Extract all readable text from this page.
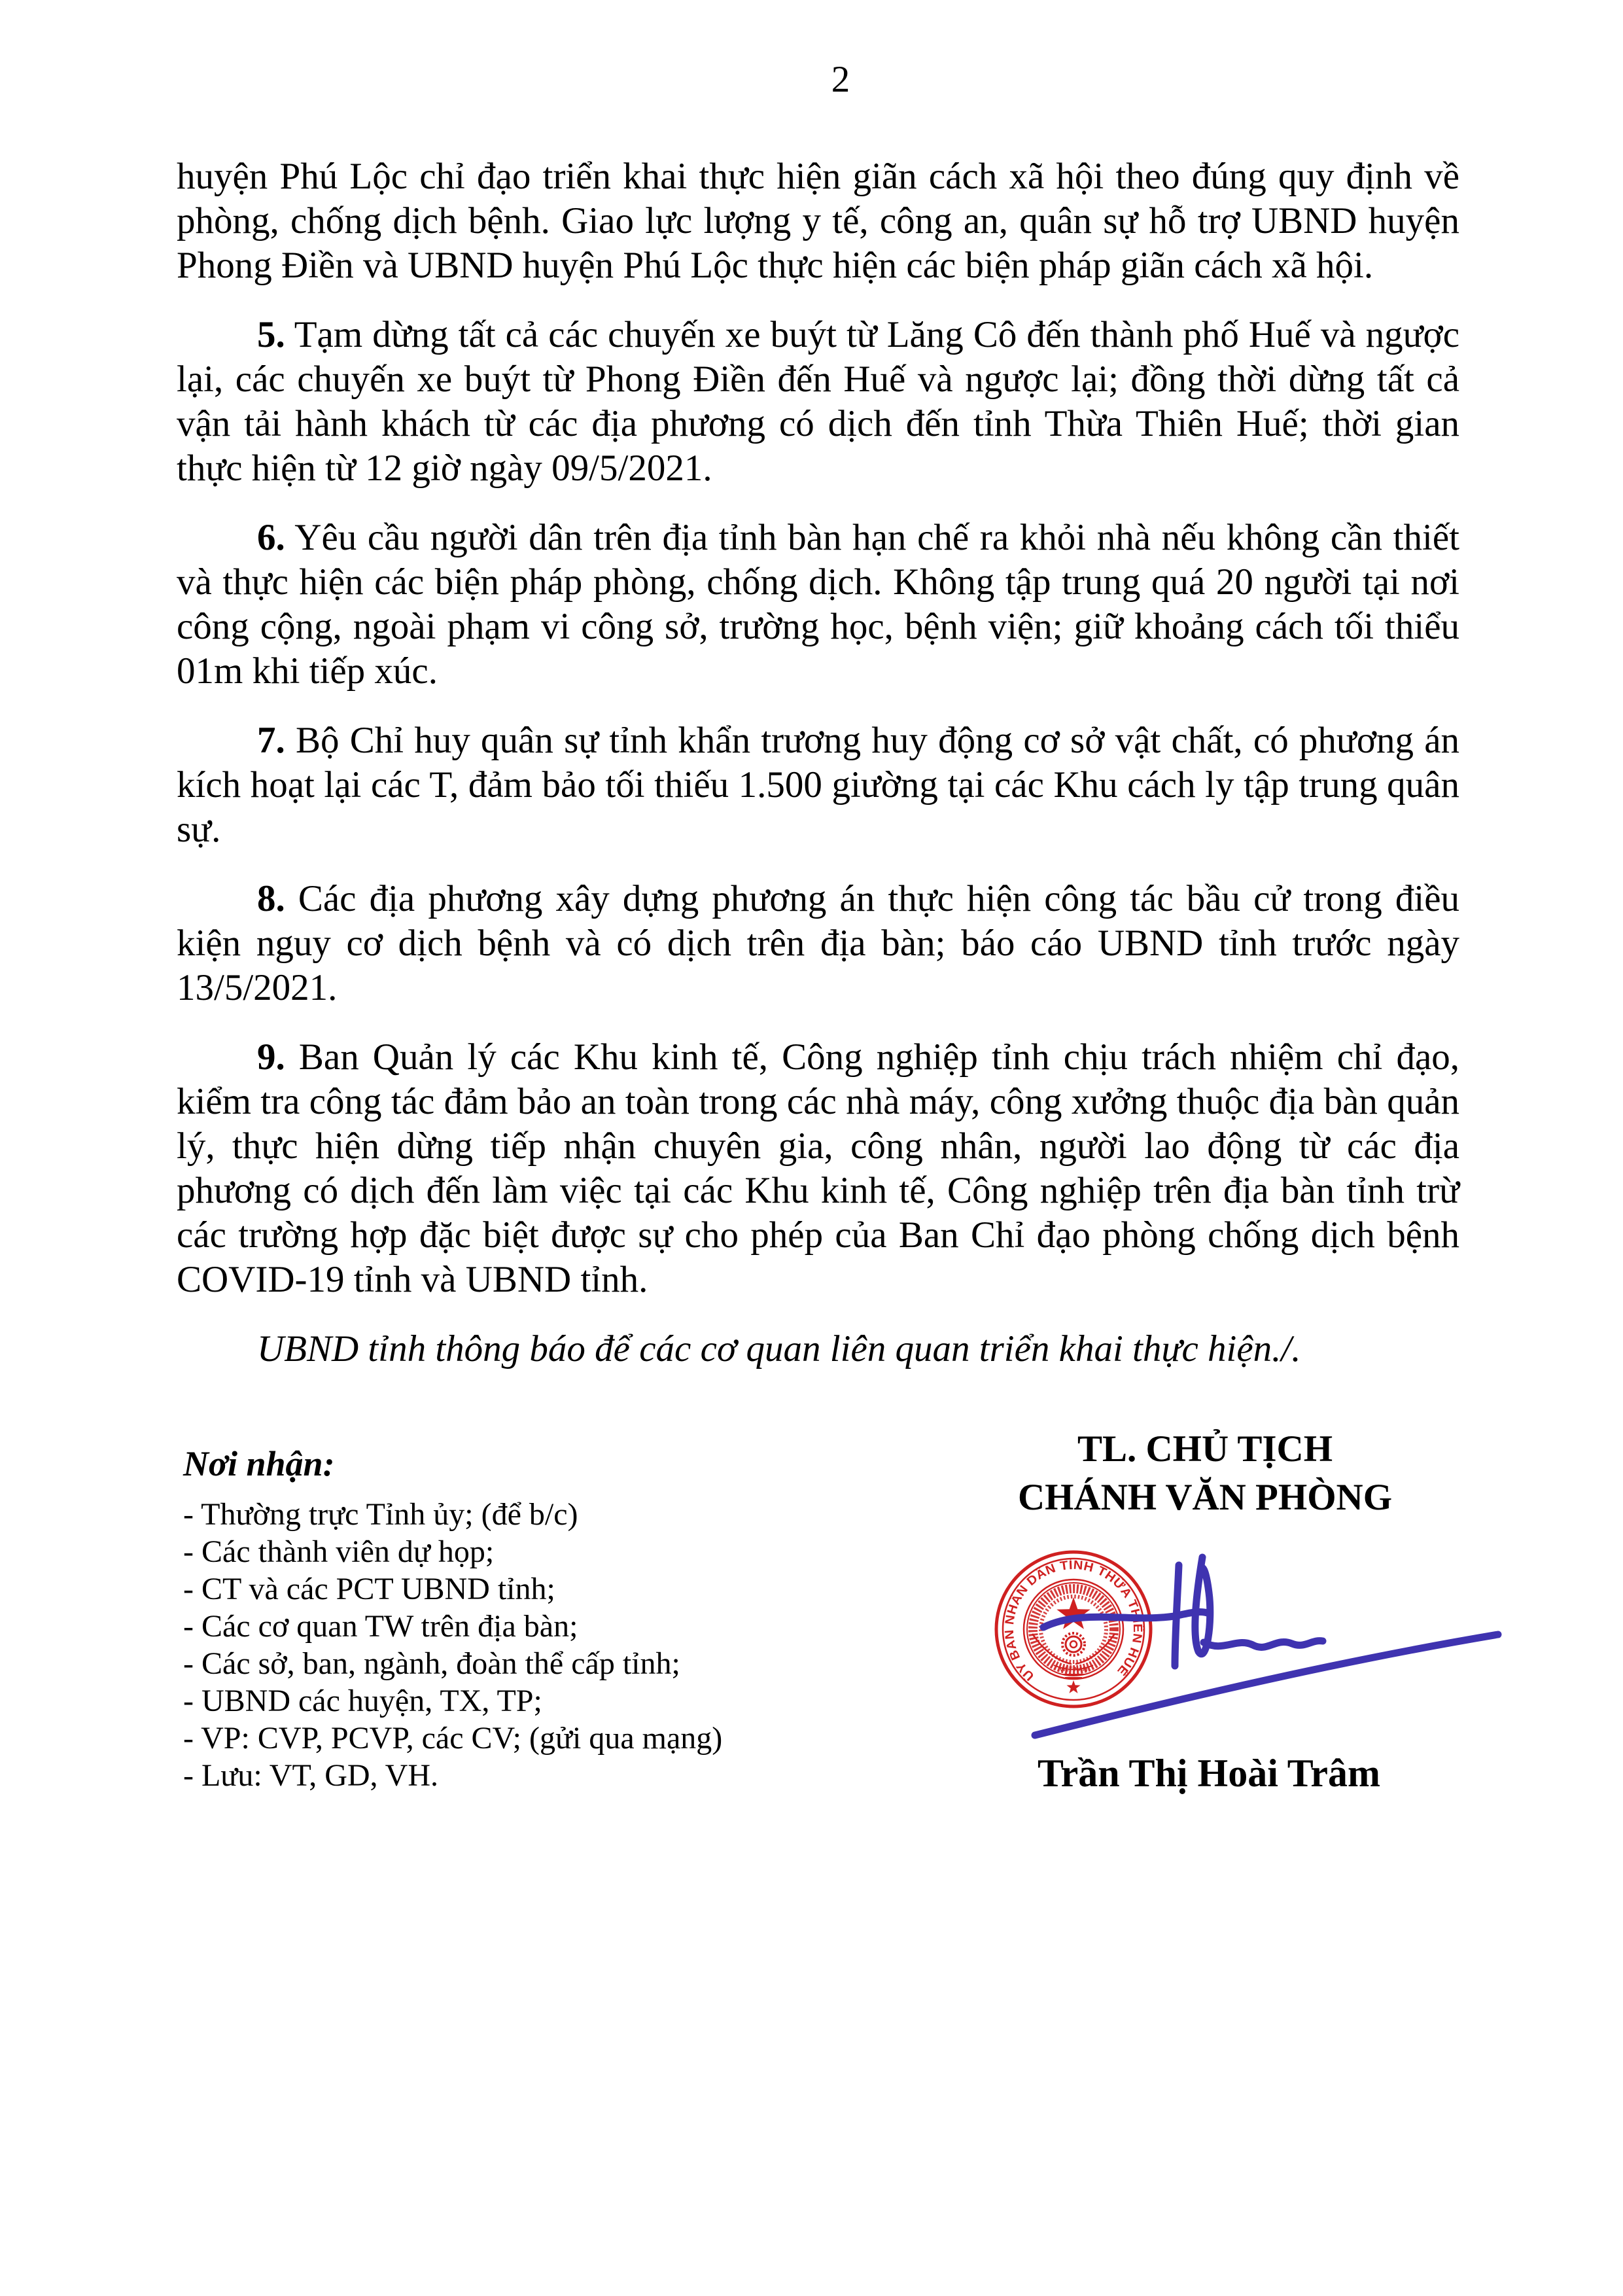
2

huyện Phú Lộc chỉ đạo triển khai thực hiện giãn cách xã hội theo đúng quy định về phòng, chống dịch bệnh. Giao lực lượng y tế, công an, quân sự hỗ trợ UBND huyện Phong Điền và UBND huyện Phú Lộc thực hiện các biện pháp giãn cách xã hội.

5. Tạm dừng tất cả các chuyến xe buýt từ Lăng Cô đến thành phố Huế và ngược lại, các chuyến xe buýt từ Phong Điền đến Huế và ngược lại; đồng thời dừng tất cả vận tải hành khách từ các địa phương có dịch đến tỉnh Thừa Thiên Huế; thời gian thực hiện từ 12 giờ ngày 09/5/2021.

6. Yêu cầu người dân trên địa tỉnh bàn hạn chế ra khỏi nhà nếu không cần thiết và thực hiện các biện pháp phòng, chống dịch. Không tập trung quá 20 người tại nơi công cộng, ngoài phạm vi công sở, trường học, bệnh viện; giữ khoảng cách tối thiểu 01m khi tiếp xúc.

7. Bộ Chỉ huy quân sự tỉnh khẩn trương huy động cơ sở vật chất, có phương án kích hoạt lại các T, đảm bảo tối thiếu 1.500 giường tại các Khu cách ly tập trung quân sự.

8. Các địa phương xây dựng phương án thực hiện công tác bầu cử trong điều kiện nguy cơ dịch bệnh và có dịch trên địa bàn; báo cáo UBND tỉnh trước ngày 13/5/2021.

9. Ban Quản lý các Khu kinh tế, Công nghiệp tỉnh chịu trách nhiệm chỉ đạo, kiểm tra công tác đảm bảo an toàn trong các nhà máy, công xưởng thuộc địa bàn quản lý, thực hiện dừng tiếp nhận chuyên gia, công nhân, người lao động từ các địa phương có dịch đến làm việc tại các Khu kinh tế, Công nghiệp trên địa bàn tỉnh trừ các trường hợp đặc biệt được sự cho phép của Ban Chỉ đạo phòng chống dịch bệnh COVID-19 tỉnh và UBND tỉnh.

UBND tỉnh thông báo để các cơ quan liên quan triển khai thực hiện./.

Nơi nhận:
- Thường trực Tỉnh ủy; (để b/c)
- Các thành viên dự họp;
- CT và các PCT UBND tỉnh;
- Các cơ quan TW trên địa bàn;
- Các sở, ban, ngành, đoàn thể cấp tỉnh;
- UBND các huyện, TX, TP;
- VP: CVP, PCVP, các CV; (gửi qua mạng)
- Lưu: VT, GD, VH.
TL. CHỦ TỊCH
CHÁNH VĂN PHÒNG
ỦY BAN NHÂN DÂN TỈNH THỪA THIÊN HUẾ
VIỆT NAM
Trần Thị Hoài Trâm
